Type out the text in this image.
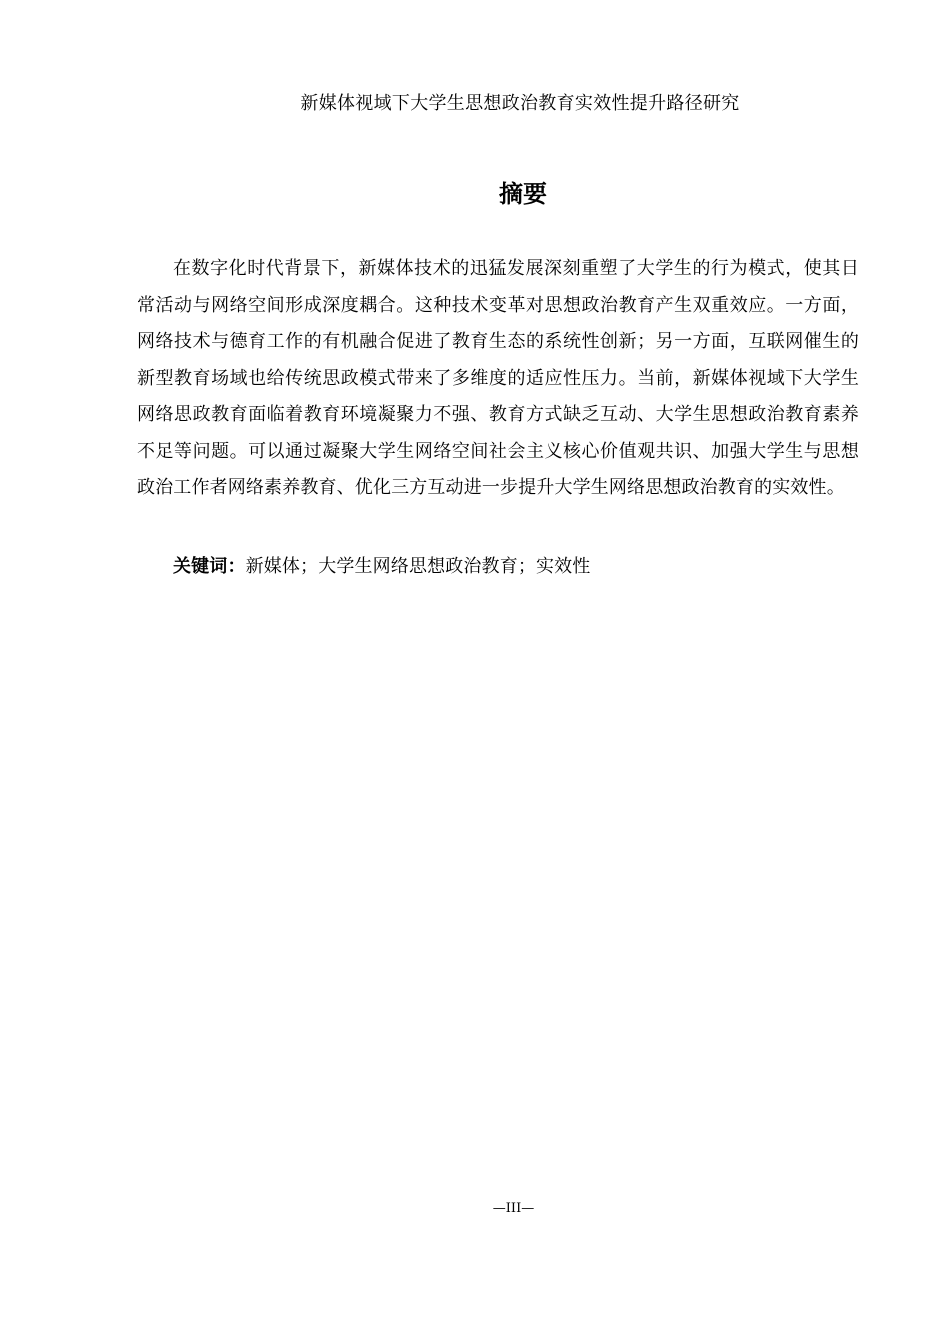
新媒体视域下大学生思想政治教育实效性提升路径研究
摘要

在数字化时代背景下，新媒体技术的迅猛发展深刻重塑了大学生的行为模式，使其日常活动与网络空间形成深度耦合。这种技术变革对思想政治教育产生双重效应。一方面，网络技术与德育工作的有机融合促进了教育生态的系统性创新；另一方面，互联网催生的新型教育场域也给传统思政模式带来了多维度的适应性压力。当前，新媒体视域下大学生网络思政教育面临着教育环境凝聚力不强、教育方式缺乏互动、大学生思想政治教育素养不足等问题。可以通过凝聚大学生网络空间社会主义核心价值观共识、加强大学生与思想政治工作者网络素养教育、优化三方互动进一步提升大学生网络思想政治教育的实效性。

关键词：新媒体；大学生网络思想政治教育；实效性

—III—
